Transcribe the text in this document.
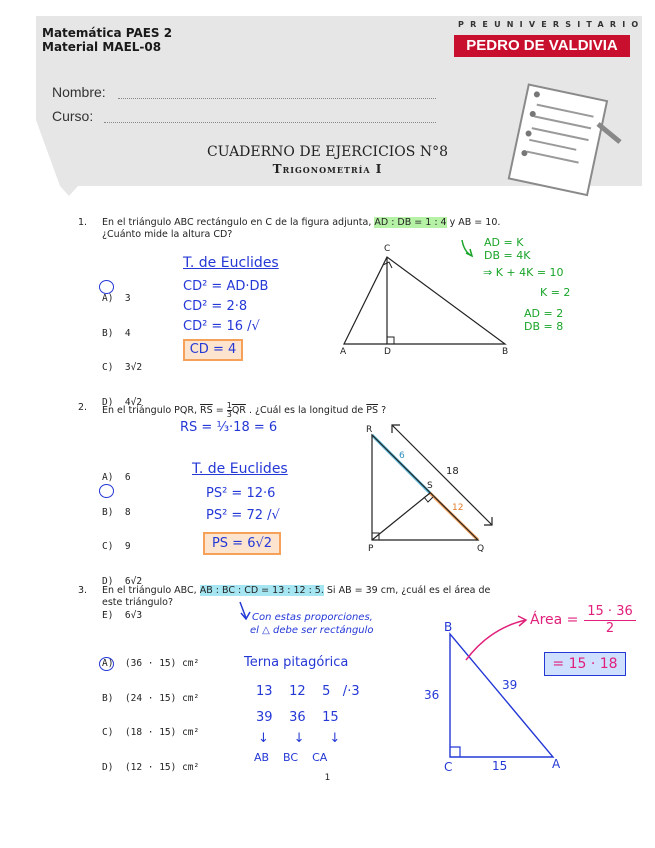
Matemática PAES 2
Material MAEL-08
PREUNIVERSITARIO
PEDRO DE VALDIVIA
Nombre:
Curso:
CUADERNO DE EJERCICIOS N°8
Trigonometría I
1. En el triángulo ABC rectángulo en C de la figura adjunta, AD : DB = 1 : 4 y AB = 10.
¿Cuánto mide la altura CD?

A)  3

B)  4

C)  3√2

D)  4√2

T. de Euclides
CD² = AD·DB
CD² = 2·8
CD² = 16 /√
CD = 4
AD = K
DB = 4K
⇒ K + 4K = 10
K = 2
AD = 2
DB = 8
C
A	D	B
2. En el triángulo PQR, $\overline{RS} = \frac{1}{3} \overline{QR}$ . ¿Cuál es la longitud de $\overline{PS}$ ?

A)  6

B)  8

C)  9

D)  6√2

E)  6√3

RS = ⅓·18 = 6
T. de Euclides
PS² = 12·6
PS² = 72 /√
PS = 6√2
R
S
P	Q
18
6
12
3. En el triángulo ABC, AB : BC : CD = 13 : 12 : 5. Si AB = 39 cm, ¿cuál es el área de
este triángulo?

A)  (36 · 15) cm²

B)  (24 · 15) cm²

C)  (18 · 15) cm²

D)  (12 · 15) cm²

Con estas proporciones,
el △ debe ser rectángulo
Terna pitagórica
13    12    5   /·3
39    36    15
↓      ↓      ↓
AB    BC    CA
B
C	A
36
39
15
Área =
15 · 36
2
= 15 · 18
1
